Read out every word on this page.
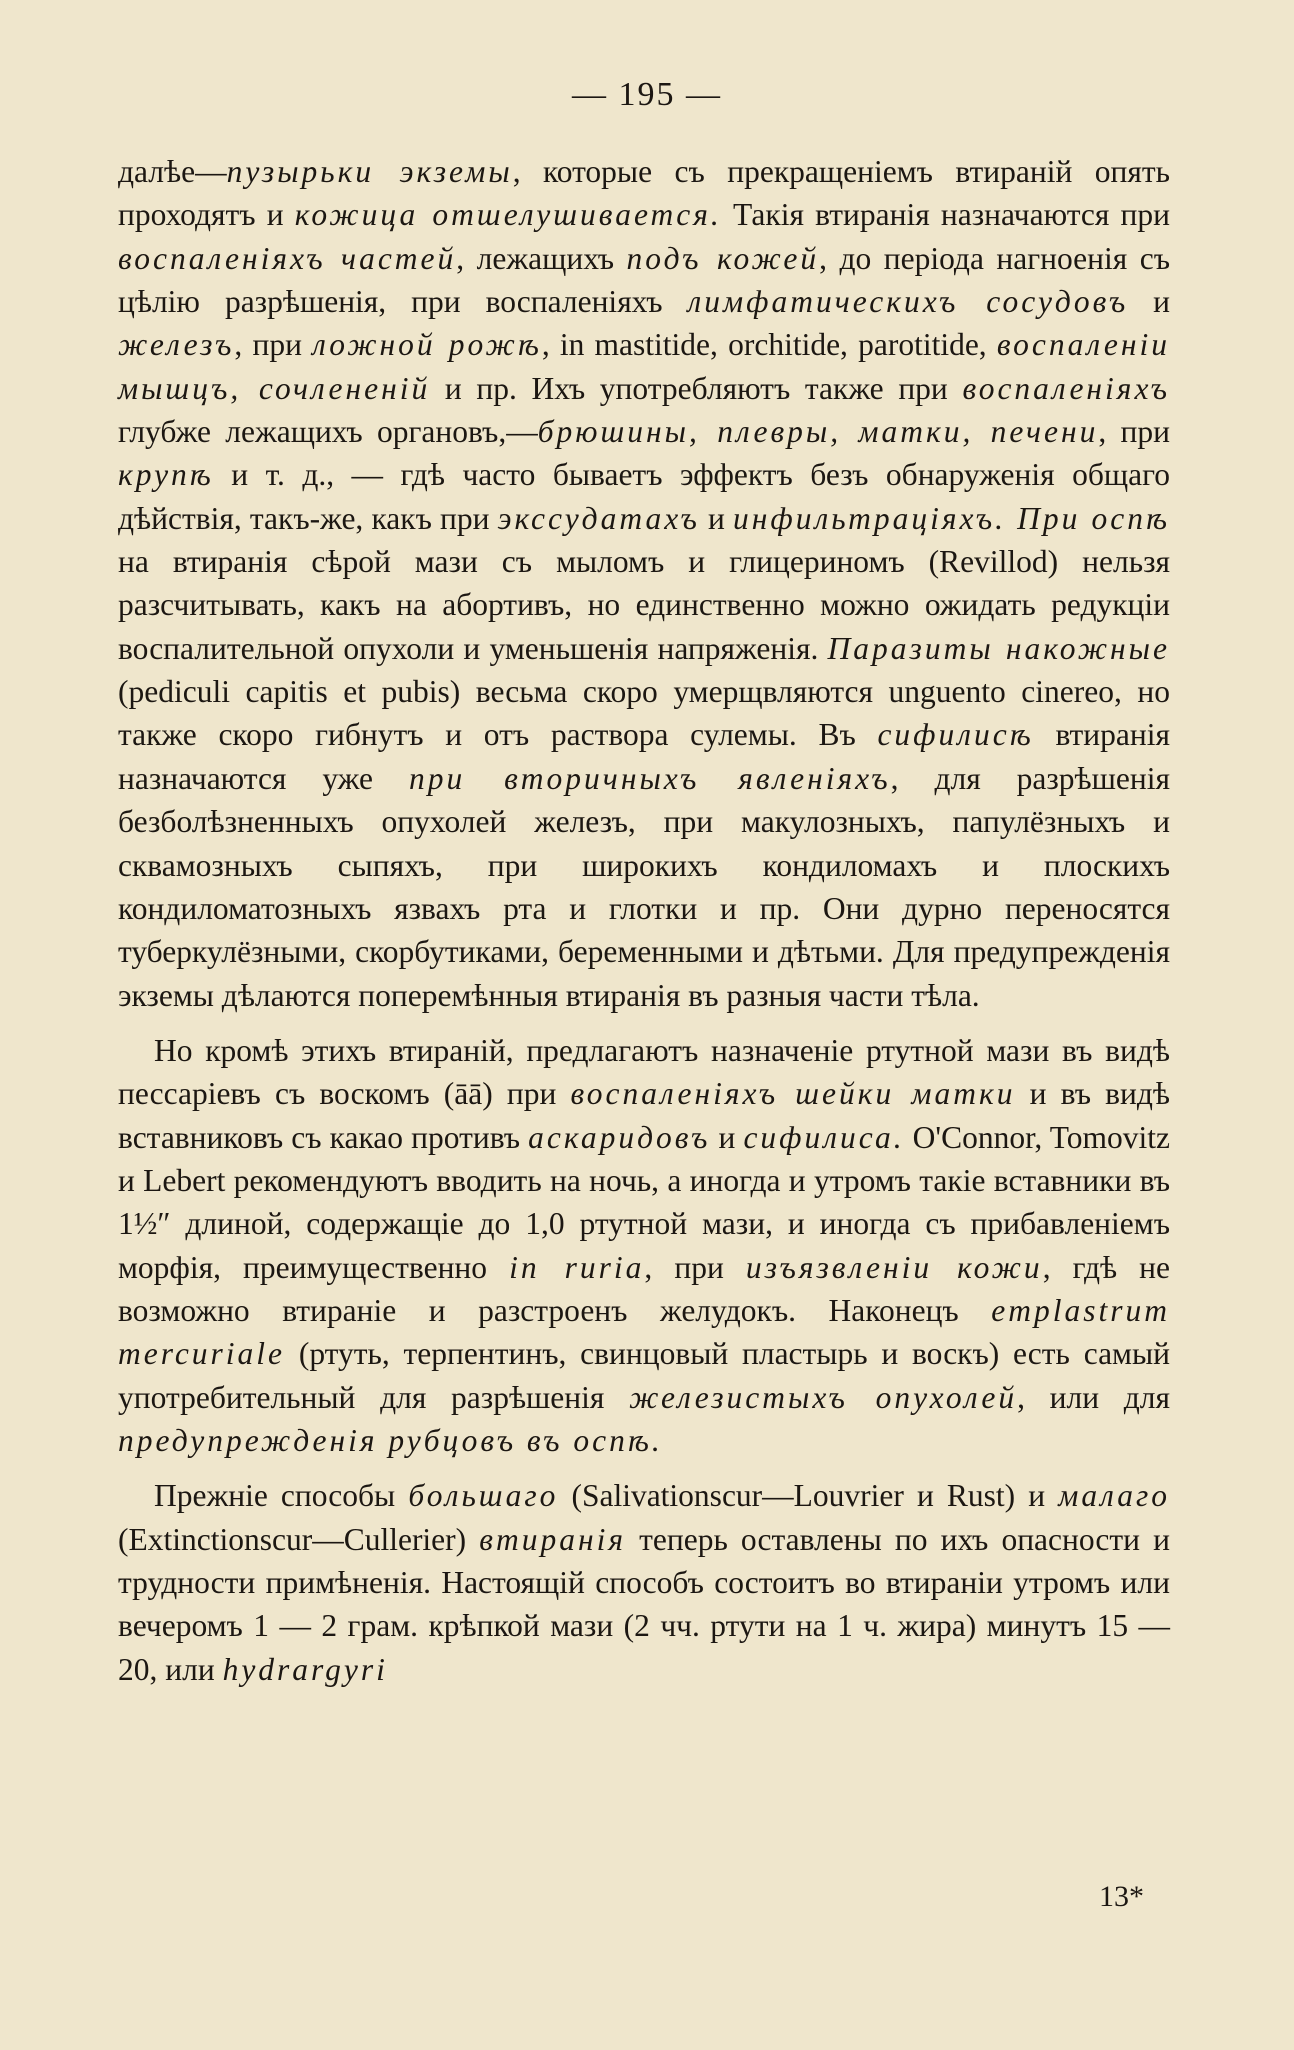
— 195 —

далѣе—пузырьки экземы, которые съ прекращеніемъ втираній опять проходятъ и кожица отшелушивается. Такія втиранія назначаются при воспаленіяхъ частей, лежащихъ подъ кожей, до періода нагноенія съ цѣлію разрѣшенія, при воспаленіяхъ лимфатическихъ сосудовъ и железъ, при ложной рожѣ, in mastitide, orchitide, parotitide, воспаленіи мышцъ, сочлененій и пр. Ихъ употребляютъ также при воспаленіяхъ глубже лежащихъ органовъ,—брюшины, плевры, матки, печени, при крупѣ и т. д., — гдѣ часто бываетъ эффектъ безъ обнаруженія общаго дѣйствія, такъ-же, какъ при экссудатахъ и инфильтраціяхъ. При оспѣ на втиранія сѣрой мази съ мыломъ и глицериномъ (Revillod) нельзя разсчитывать, какъ на абортивъ, но единственно можно ожидать редукціи воспалительной опухоли и уменьшенія напряженія. Паразиты накожные (pediculi capitis et pubis) весьма скоро умерщвляются unguento cinereo, но также скоро гибнутъ и отъ раствора сулемы. Въ сифилисѣ втиранія назначаются уже при вторичныхъ явленіяхъ, для разрѣшенія безболѣзненныхъ опухолей железъ, при макулозныхъ, папулёзныхъ и сквамозныхъ сыпяхъ, при широкихъ кондиломахъ и плоскихъ кондиломатозныхъ язвахъ рта и глотки и пр. Они дурно переносятся туберкулёзными, скорбутиками, беременными и дѣтьми. Для предупрежденія экземы дѣлаются поперемѣнныя втиранія въ разныя части тѣла.

Но кромѣ этихъ втираній, предлагаютъ назначеніе ртутной мази въ видѣ пессаріевъ съ воскомъ (āā) при воспаленіяхъ шейки матки и въ видѣ вставниковъ съ какао противъ аскаридовъ и сифилиса. O'Connor, Tomovitz и Lebert рекомендуютъ вводить на ночь, а иногда и утромъ такіе вставники въ 1½″ длиной, содержащіе до 1,0 ртутной мази, и иногда съ прибавленіемъ морфія, преимущественно in ruria, при изъязвленіи кожи, гдѣ не возможно втираніе и разстроенъ желудокъ. Наконецъ emplastrum mercuriale (ртуть, терпентинъ, свинцовый пластырь и воскъ) есть самый употребительный для разрѣшенія железистыхъ опухолей, или для предупрежденія рубцовъ въ оспѣ.

Прежніе способы большаго (Salivationscur—Louvrier и Rust) и малаго (Extinctionscur—Cullerier) втиранія теперь оставлены по ихъ опасности и трудности примѣненія. Настоящій способъ состоитъ во втираніи утромъ или вечеромъ 1 — 2 грам. крѣпкой мази (2 чч. ртути на 1 ч. жира) минутъ 15 — 20, или hydrargyri

13*
